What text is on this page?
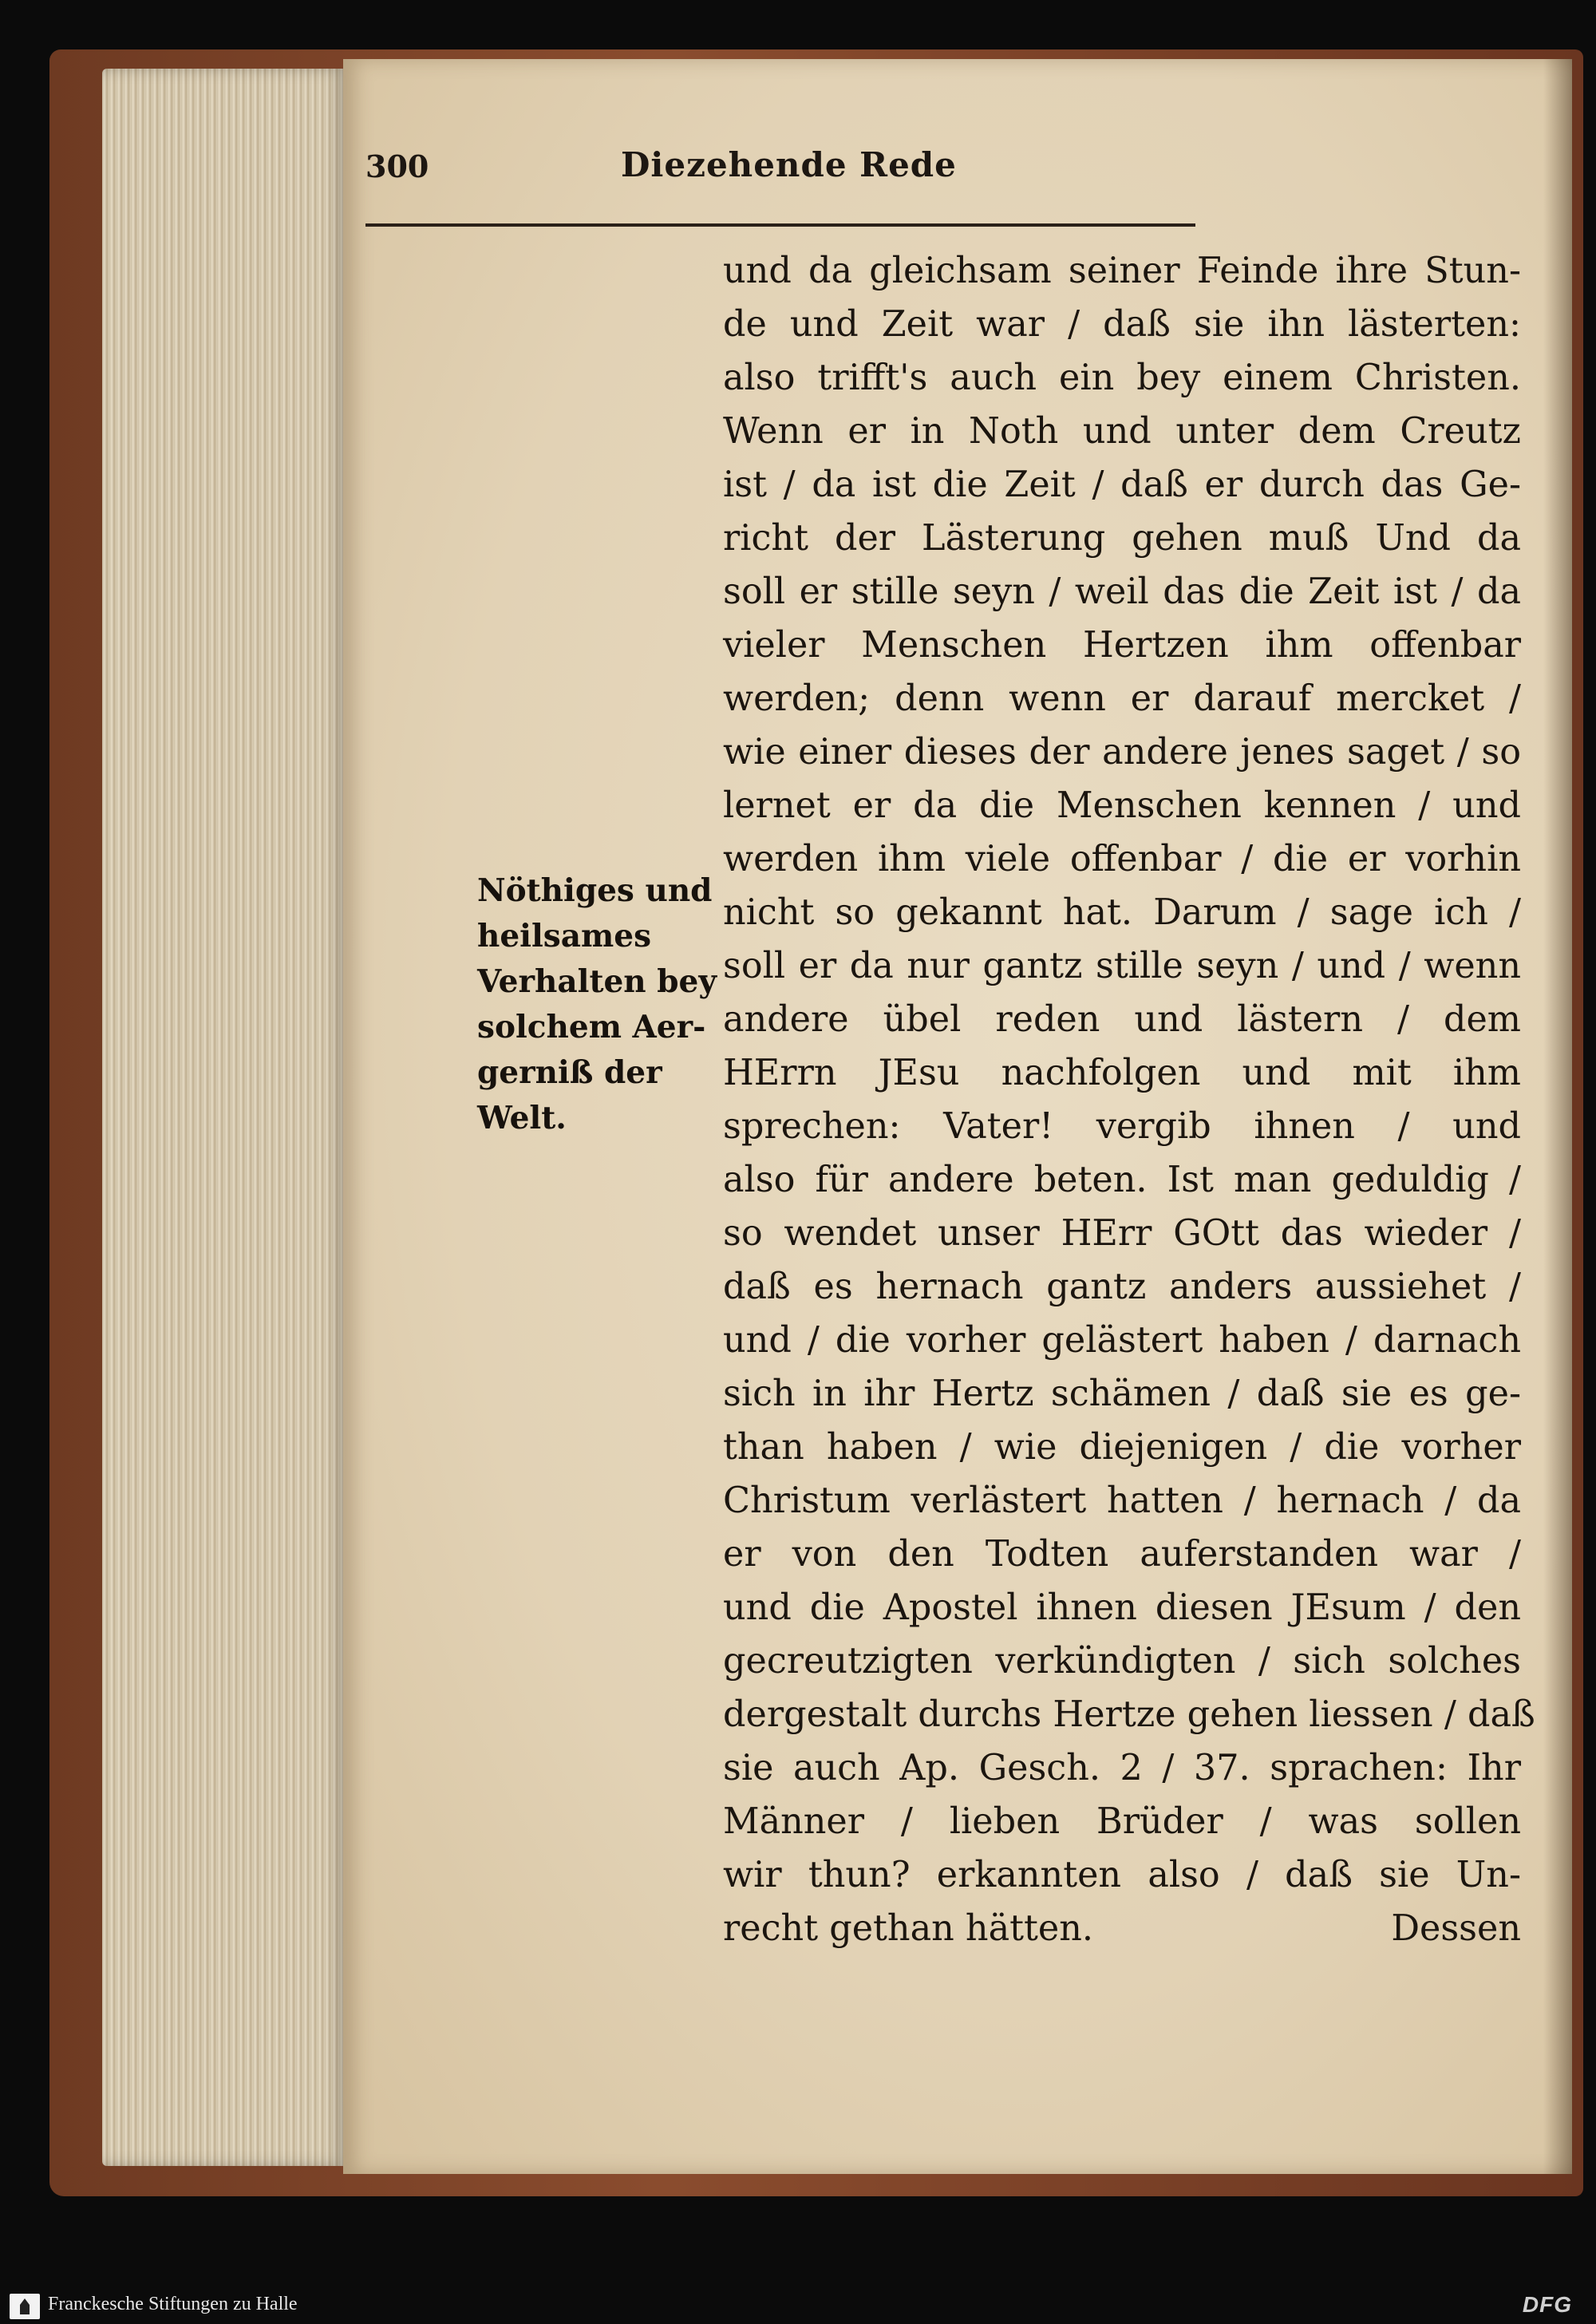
300	Diezehende Rede
Nöthiges und
heilsames
Verhalten bey
solchem Aer-
gerniß der
Welt.
und da gleichsam seiner Feinde ihre Stun-
de und Zeit war / daß sie ihn lästerten:
also trifft's auch ein bey einem Christen.
Wenn er in Noth und unter dem Creutz
ist / da ist die Zeit / daß er durch das Ge-
richt der Lästerung gehen muß Und da
soll er stille seyn / weil das die Zeit ist / da
vieler Menschen Hertzen ihm offenbar
werden; denn wenn er darauf mercket /
wie einer dieses der andere jenes saget / so
lernet er da die Menschen kennen / und
werden ihm viele offenbar / die er vorhin
nicht so gekannt hat. Darum / sage ich /
soll er da nur gantz stille seyn / und / wenn
andere übel reden und lästern / dem
HErrn JEsu nachfolgen und mit ihm
sprechen: Vater! vergib ihnen / und
also für andere beten. Ist man geduldig /
so wendet unser HErr GOtt das wieder /
daß es hernach gantz anders aussiehet /
und / die vorher gelästert haben / darnach
sich in ihr Hertz schämen / daß sie es ge-
than haben / wie diejenigen / die vorher
Christum verlästert hatten / hernach / da
er von den Todten auferstanden war /
und die Apostel ihnen diesen JEsum / den
gecreutzigten verkündigten / sich solches
dergestalt durchs Hertze gehen liessen / daß
sie auch Ap. Gesch. 2 / 37. sprachen: Ihr
Männer / lieben Brüder / was sollen
wir thun? erkannten also / daß sie Un-
recht gethan hätten.	Dessen
Franckesche Stiftungen zu Halle	DFG
